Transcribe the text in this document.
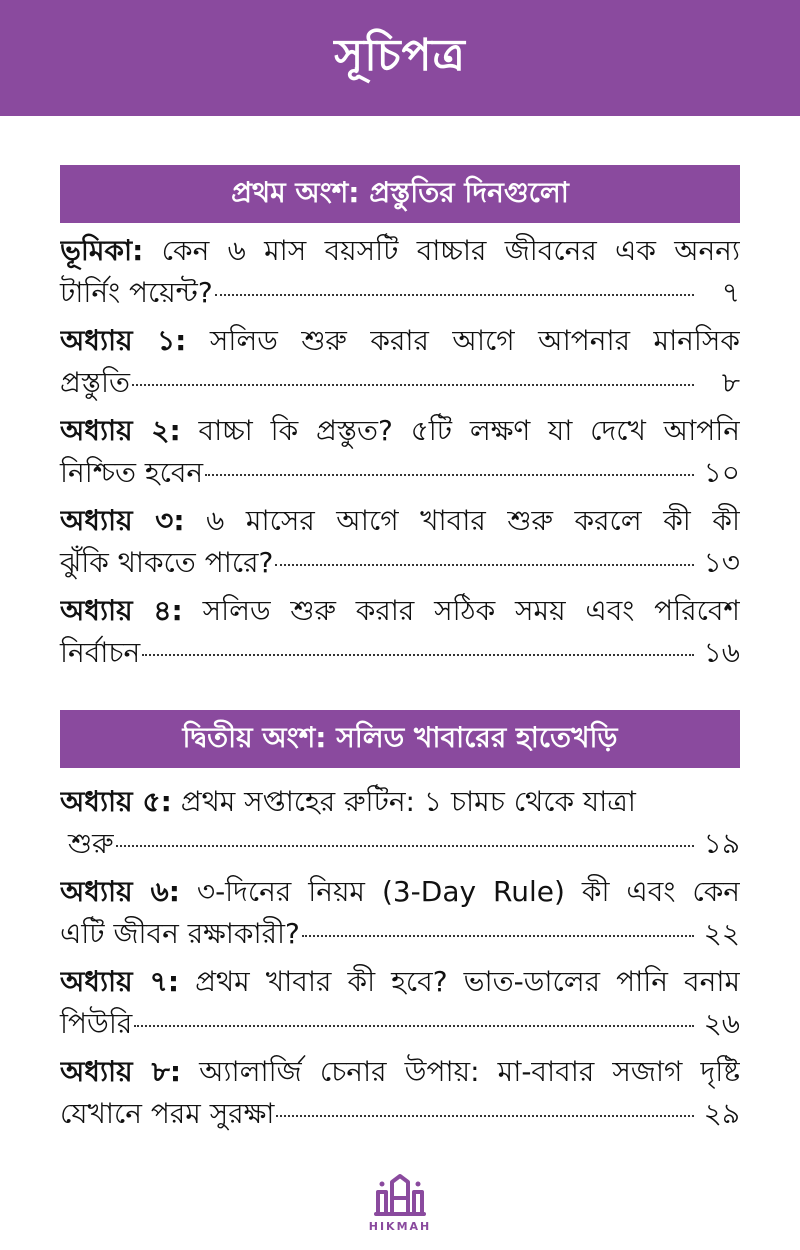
সূচিপত্র
প্রথম অংশ: প্রস্তুতির দিনগুলো
ভূমিকা: কেন ৬ মাস বয়সটি বাচ্চার জীবনের এক অনন্য
টার্নিং পয়েন্ট?	৭
অধ্যায় ১: সলিড শুরু করার আগে আপনার মানসিক
প্রস্তুতি	৮
অধ্যায় ২: বাচ্চা কি প্রস্তুত? ৫টি লক্ষণ যা দেখে আপনি
নিশ্চিত হবেন	১০
অধ্যায় ৩: ৬ মাসের আগে খাবার শুরু করলে কী কী
ঝুঁকি থাকতে পারে?	১৩
অধ্যায় ৪: সলিড শুরু করার সঠিক সময় এবং পরিবেশ
নির্বাচন	১৬
দ্বিতীয় অংশ: সলিড খাবারের হাতেখড়ি
অধ্যায় ৫: প্রথম সপ্তাহের রুটিন: ১ চামচ থেকে যাত্রা
শুরু	১৯
অধ্যায় ৬: ৩-দিনের নিয়ম (3-Day Rule) কী এবং কেন
এটি জীবন রক্ষাকারী?	২২
অধ্যায় ৭: প্রথম খাবার কী হবে? ভাত-ডালের পানি বনাম
পিউরি	২৬
অধ্যায় ৮: অ্যালার্জি চেনার উপায়: মা-বাবার সজাগ দৃষ্টি
যেখানে পরম সুরক্ষা	২৯
HIKMAH
